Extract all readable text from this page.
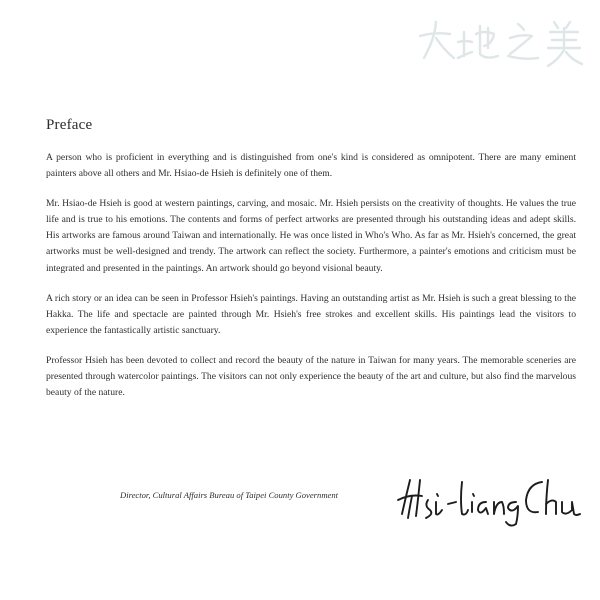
Preface

A person who is proficient in everything and is distinguished from one's kind is considered as omnipotent. There are many eminent painters above all others and Mr. Hsiao-de Hsieh is definitely one of them.

Mr. Hsiao-de Hsieh is good at western paintings, carving, and mosaic. Mr. Hsieh persists on the creativity of thoughts. He values the true life and is true to his emotions. The contents and forms of perfect artworks are presented through his outstanding ideas and adept skills. His artworks are famous around Taiwan and internationally. He was once listed in Who's Who. As far as Mr. Hsieh's concerned, the great artworks must be well-designed and trendy. The artwork can reflect the society. Furthermore, a painter's emotions and criticism must be integrated and presented in the paintings. An artwork should go beyond visional beauty.

A rich story or an idea can be seen in Professor Hsieh's paintings. Having an outstanding artist as Mr. Hsieh is such a great blessing to the Hakka. The life and spectacle are painted through Mr. Hsieh's free strokes and excellent skills. His paintings lead the visitors to experience the fantastically artistic sanctuary.

Professor Hsieh has been devoted to collect and record the beauty of the nature in Taiwan for many years. The memorable sceneries are presented through watercolor paintings. The visitors can not only experience the beauty of the art and culture, but also find the marvelous beauty of the nature.

Director, Cultural Affairs Bureau of Taipei County Government
